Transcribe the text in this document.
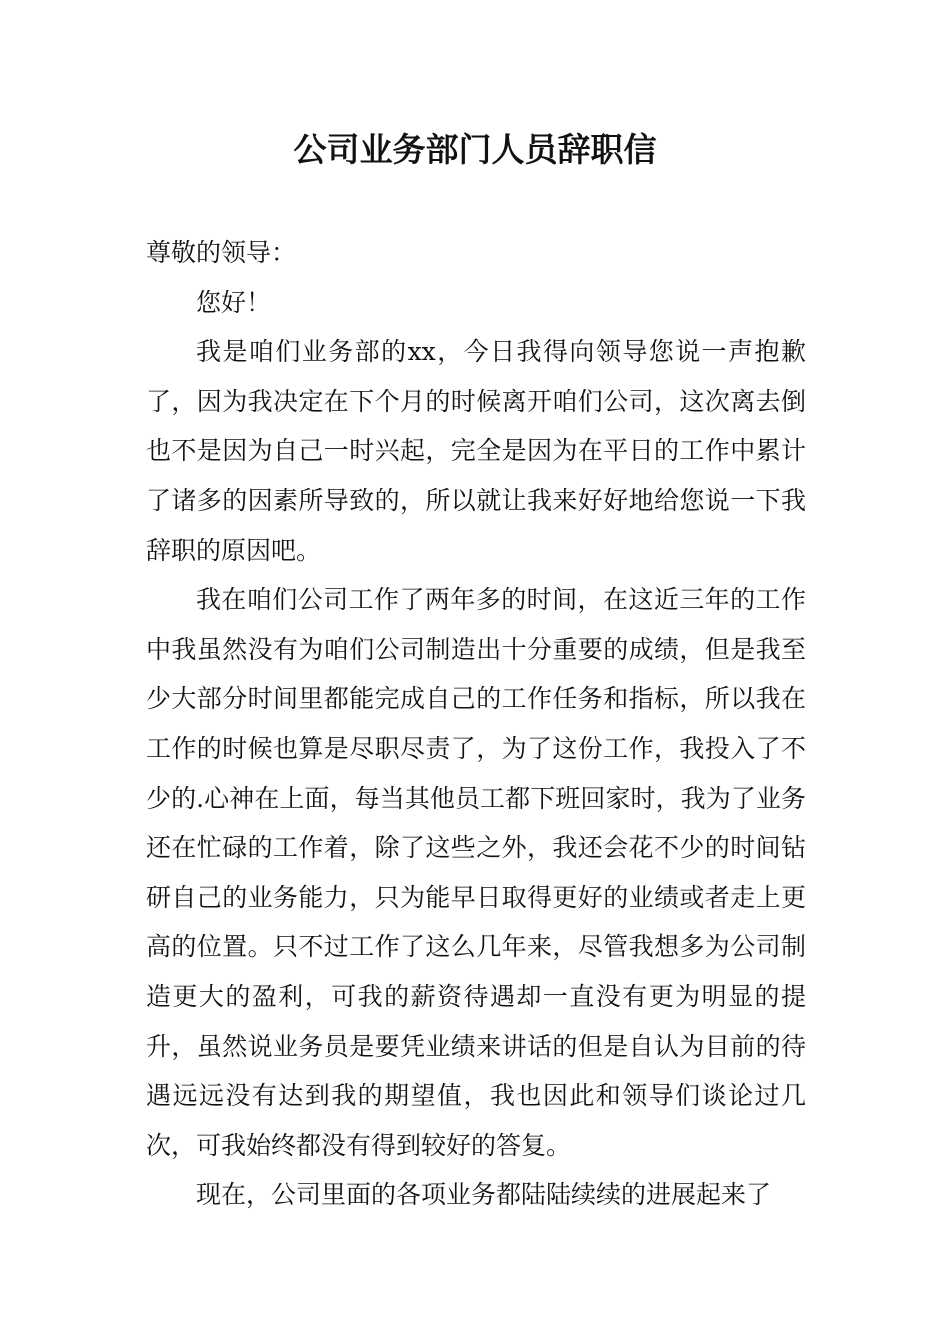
公司业务部门人员辞职信

尊敬的领导：

您好！

我是咱们业务部的xx，今日我得向领导您说一声抱歉了，因为我决定在下个月的时候离开咱们公司，这次离去倒也不是因为自己一时兴起，完全是因为在平日的工作中累计了诸多的因素所导致的，所以就让我来好好地给您说一下我辞职的原因吧。

我在咱们公司工作了两年多的时间，在这近三年的工作中我虽然没有为咱们公司制造出十分重要的成绩，但是我至少大部分时间里都能完成自己的工作任务和指标，所以我在工作的时候也算是尽职尽责了，为了这份工作，我投入了不少的.心神在上面，每当其他员工都下班回家时，我为了业务还在忙碌的工作着，除了这些之外，我还会花不少的时间钻研自己的业务能力，只为能早日取得更好的业绩或者走上更高的位置。只不过工作了这么几年来，尽管我想多为公司制造更大的盈利，可我的薪资待遇却一直没有更为明显的提升，虽然说业务员是要凭业绩来讲话的但是自认为目前的待遇远远没有达到我的期望值，我也因此和领导们谈论过几次，可我始终都没有得到较好的答复。

现在，公司里面的各项业务都陆陆续续的进展起来了
